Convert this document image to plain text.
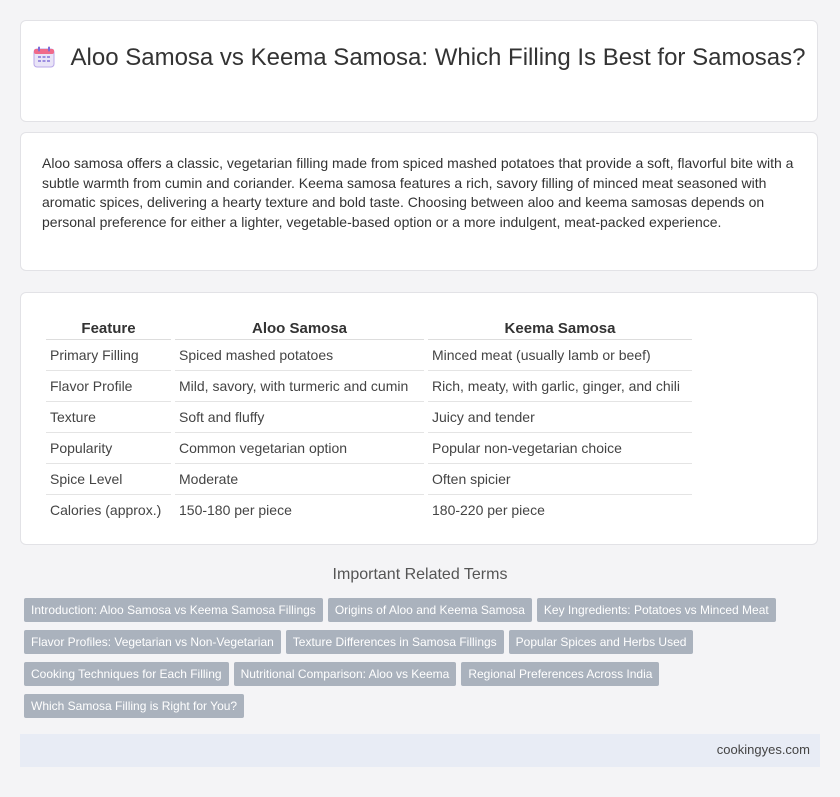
Aloo Samosa vs Keema Samosa: Which Filling Is Best for Samosas?

Aloo samosa offers a classic, vegetarian filling made from spiced mashed potatoes that provide a soft, flavorful bite with a subtle warmth from cumin and coriander. Keema samosa features a rich, savory filling of minced meat seasoned with aromatic spices, delivering a hearty texture and bold taste. Choosing between aloo and keema samosas depends on personal preference for either a lighter, vegetable-based option or a more indulgent, meat-packed experience.

Feature	Aloo Samosa	Keema Samosa
Primary Filling	Spiced mashed potatoes	Minced meat (usually lamb or beef)
Flavor Profile	Mild, savory, with turmeric and cumin	Rich, meaty, with garlic, ginger, and chili
Texture	Soft and fluffy	Juicy and tender
Popularity	Common vegetarian option	Popular non-vegetarian choice
Spice Level	Moderate	Often spicier
Calories (approx.)	150-180 per piece	180-220 per piece
Important Related Terms
Introduction: Aloo Samosa vs Keema Samosa Fillings Origins of Aloo and Keema Samosa Key Ingredients: Potatoes vs Minced Meat
Flavor Profiles: Vegetarian vs Non-Vegetarian Texture Differences in Samosa Fillings Popular Spices and Herbs Used
Cooking Techniques for Each Filling Nutritional Comparison: Aloo vs Keema Regional Preferences Across India
Which Samosa Filling is Right for You?
cookingyes.com
